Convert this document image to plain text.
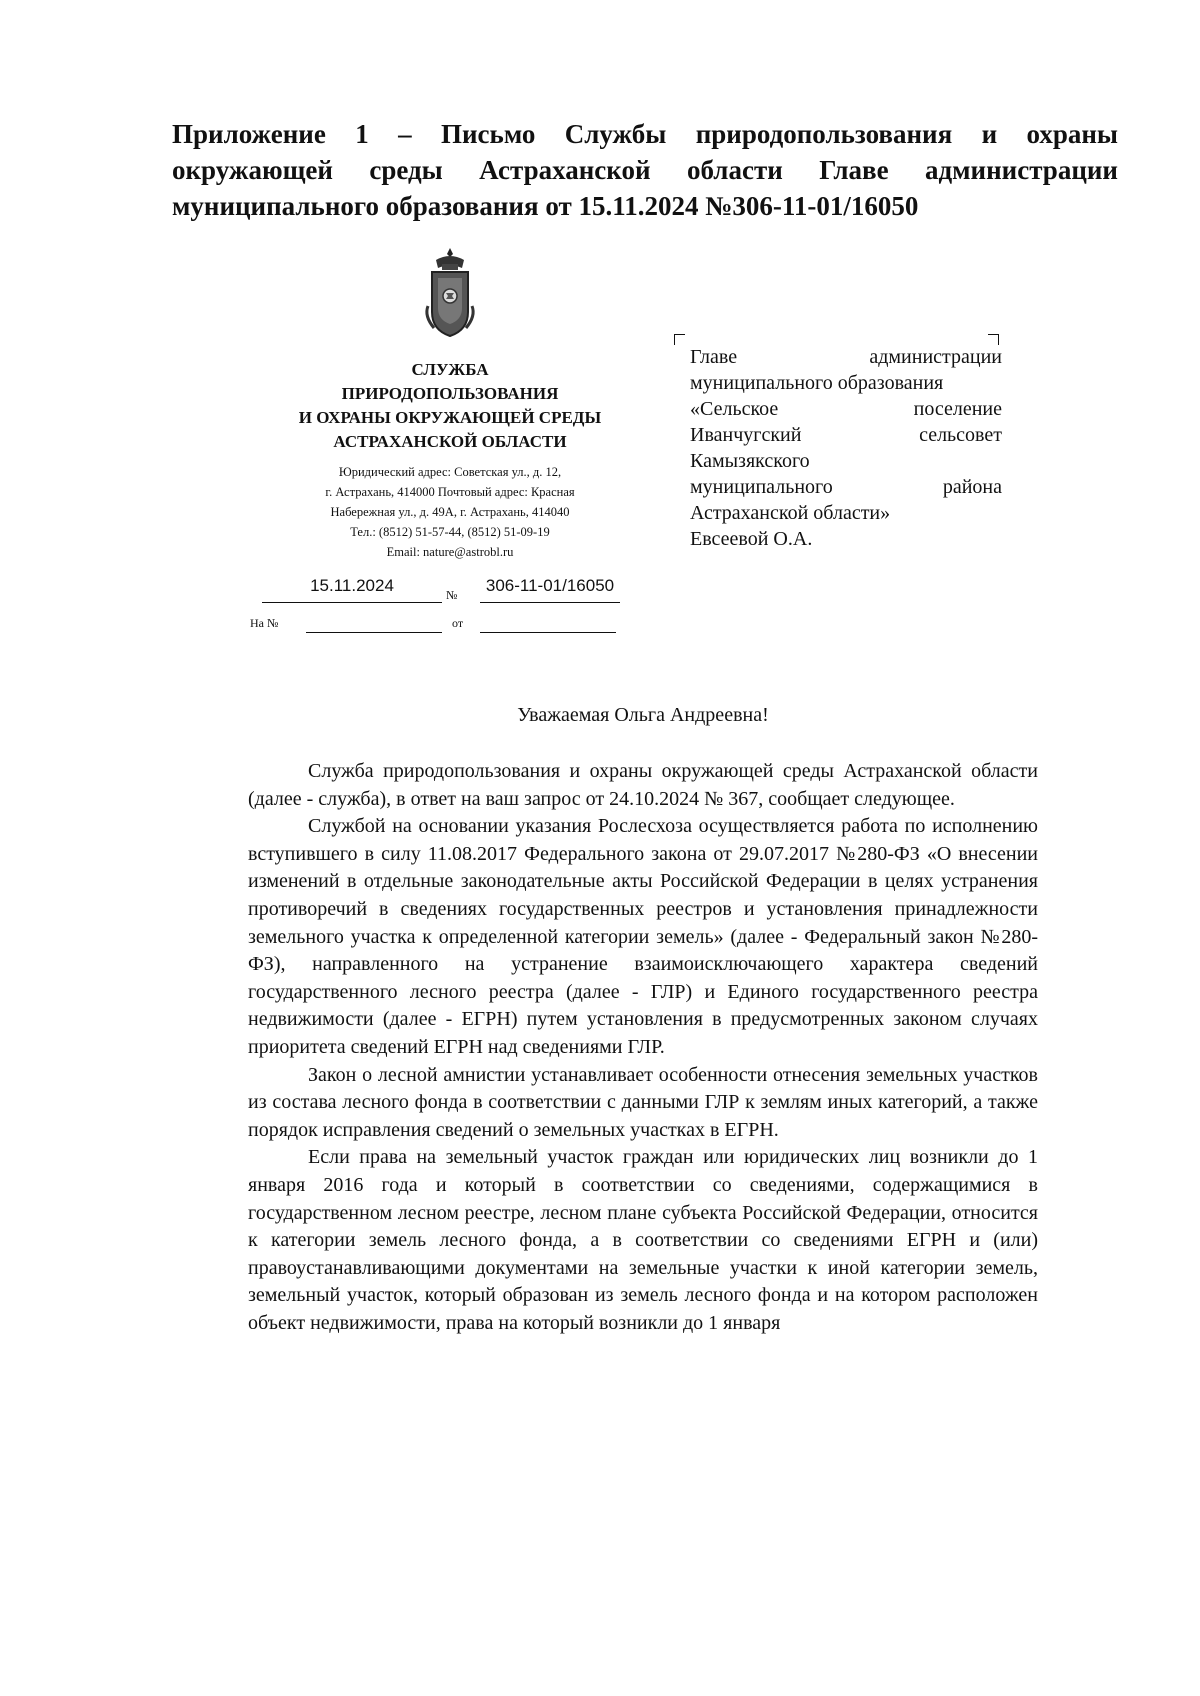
Приложение 1 – Письмо Службы природопользования и охраны окружающей среды Астраханской области Главе администрации муниципального образования от 15.11.2024 №306-11-01/16050
СЛУЖБА
ПРИРОДОПОЛЬЗОВАНИЯ
И ОХРАНЫ ОКРУЖАЮЩЕЙ СРЕДЫ
АСТРАХАНСКОЙ ОБЛАСТИ
Юридический адрес: Советская ул., д. 12,
г. Астрахань, 414000 Почтовый адрес: Красная
Набережная ул., д. 49А, г. Астрахань, 414040
Тел.: (8512) 51-57-44, (8512) 51-09-19
Email: nature@astrobl.ru
15.11.2024	№	306-11-01/16050
На №	от
Главе администрации
муниципального образования
«Сельское поселение
Иванчугский сельсовет
Камызякского
муниципального района
Астраханской области»
Евсеевой О.А.
Уважаемая Ольга Андреевна!

Служба природопользования и охраны окружающей среды Астраханской области (далее - служба), в ответ на ваш запрос от 24.10.2024 № 367, сообщает следующее.

Службой на основании указания Рослесхоза осуществляется работа по исполнению вступившего в силу 11.08.2017 Федерального закона от 29.07.2017 №280-ФЗ «О внесении изменений в отдельные законодательные акты Российской Федерации в целях устранения противоречий в сведениях государственных реестров и установления принадлежности земельного участка к определенной категории земель» (далее - Федеральный закон №280-ФЗ), направленного на устранение взаимоисключающего характера сведений государственного лесного реестра (далее - ГЛР) и Единого государственного реестра недвижимости (далее - ЕГРН) путем установления в предусмотренных законом случаях приоритета сведений ЕГРН над сведениями ГЛР.

Закон о лесной амнистии устанавливает особенности отнесения земельных участков из состава лесного фонда в соответствии с данными ГЛР к землям иных категорий, а также порядок исправления сведений о земельных участках в ЕГРН.

Если права на земельный участок граждан или юридических лиц возникли до 1 января 2016 года и который в соответствии со сведениями, содержащимися в государственном лесном реестре, лесном плане субъекта Российской Федерации, относится к категории земель лесного фонда, а в соответствии со сведениями ЕГРН и (или) правоустанавливающими документами на земельные участки к иной категории земель, земельный участок, который образован из земель лесного фонда и на котором расположен объект недвижимости, права на который возникли до 1 января
